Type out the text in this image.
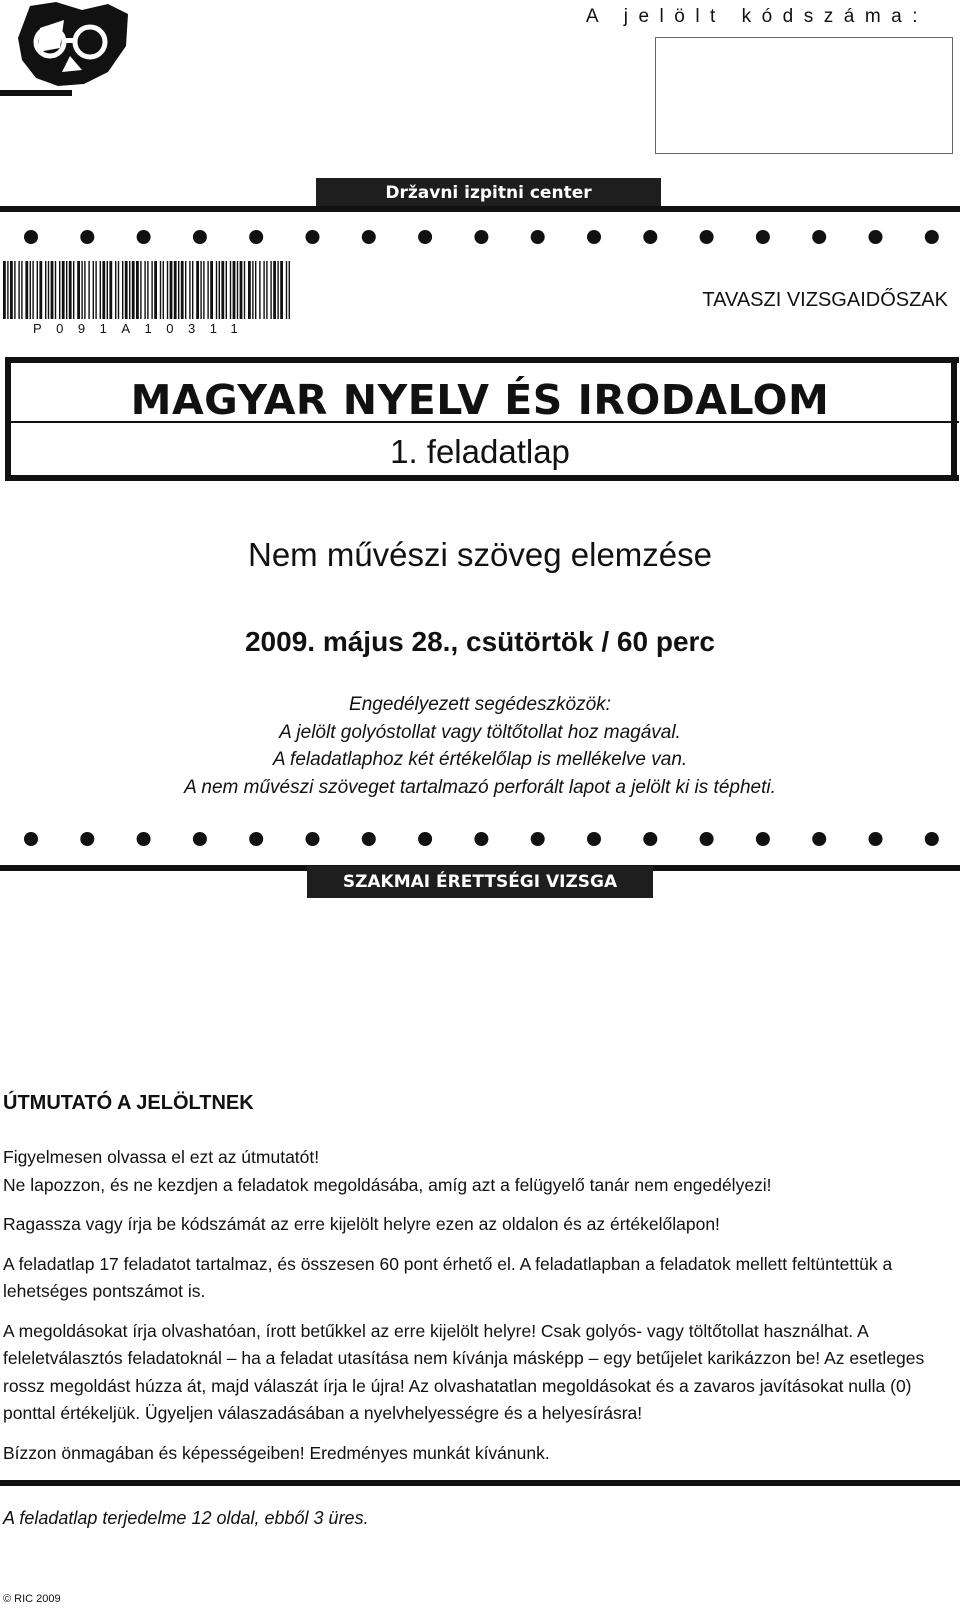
A jelölt kódszáma:
Državni izpitni center
P091A10311
TAVASZI VIZSGAIDŐSZAK
MAGYAR NYELV ÉS IRODALOM
1. feladatlap
Nem művészi szöveg elemzése
2009. május 28., csütörtök / 60 perc
Engedélyezett segédeszközök:
A jelölt golyóstollat vagy töltőtollat hoz magával.
A feladatlaphoz két értékelőlap is mellékelve van.
A nem művészi szöveget tartalmazó perforált lapot a jelölt ki is tépheti.
SZAKMAI ÉRETTSÉGI VIZSGA
ÚTMUTATÓ A JELÖLTNEK

Figyelmesen olvassa el ezt az útmutatót!
Ne lapozzon, és ne kezdjen a feladatok megoldásába, amíg azt a felügyelő tanár nem engedélyezi!

Ragassza vagy írja be kódszámát az erre kijelölt helyre ezen az oldalon és az értékelőlapon!

A feladatlap 17 feladatot tartalmaz, és összesen 60 pont érhető el. A feladatlapban a feladatok mellett feltüntettük a lehetséges pontszámot is.

A megoldásokat írja olvashatóan, írott betűkkel az erre kijelölt helyre! Csak golyós- vagy töltőtollat használhat. A feleletválasztós feladatoknál – ha a feladat utasítása nem kívánja másképp – egy betűjelet karikázzon be! Az esetleges rossz megoldást húzza át, majd válaszát írja le újra! Az olvashatatlan megoldásokat és a zavaros javításokat nulla (0) ponttal értékeljük. Ügyeljen válaszadásában a nyelvhelyességre és a helyesírásra!

Bízzon önmagában és képességeiben! Eredményes munkát kívánunk.

A feladatlap terjedelme 12 oldal, ebből 3 üres.
© RIC 2009
